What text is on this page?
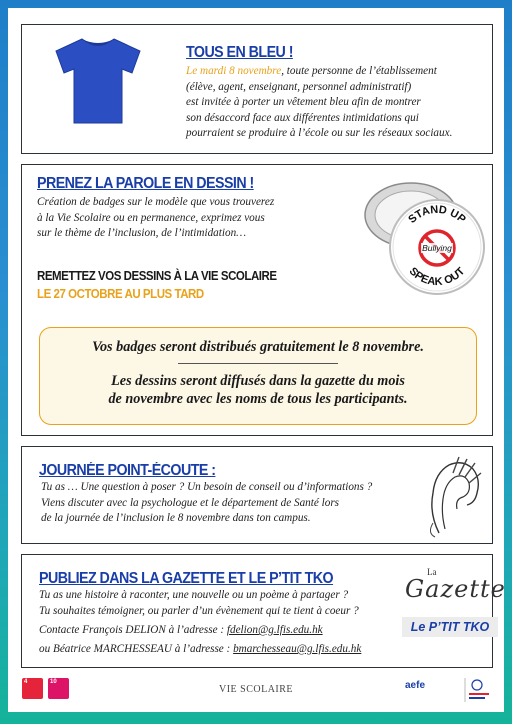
TOUS EN BLEU !
Le mardi 8 novembre, toute personne de l’établissement
(élève, agent, enseignant, personnel administratif)
est invitée à porter un vêtement bleu afin de montrer
son désaccord face aux différentes intimidations qui
pourraient se produire à l’école ou sur les réseaux sociaux.
PRENEZ LA PAROLE EN DESSIN !
Création de badges sur le modèle que vous trouverez
à la Vie Scolaire ou en permanence, exprimez vous
sur le thème de l’inclusion, de l’intimidation…
REMETTEZ VOS DESSINS À LA VIE SCOLAIRE
LE 27 OCTOBRE AU PLUS TARD
STAND UP
SPEAK OUT
Bullying

Vos badges seront distribués gratuitement le 8 novembre.

Les dessins seront diffusés dans la gazette du mois

de novembre avec les noms de tous les participants.

JOURNÉE POINT-ÉCOUTE :
Tu as … Une question à poser ? Un besoin de conseil ou d’informations ?
Viens discuter avec la psychologue et le département de Santé lors
de la journée de l’inclusion le 8 novembre dans ton campus.
PUBLIEZ DANS LA GAZETTE ET LE P’TIT TKO
Tu as une histoire à raconter, une nouvelle ou un poème à partager ?
Tu souhaites témoigner, ou parler d’un évènement qui te tient à coeur ?
Contacte François DELION à l’adresse : fdelion@g.lfis.edu.hk
ou Béatrice MARCHESSEAU à l’adresse : bmarchesseau@g.lfis.edu.hk
La
Gazette
Le P’TIT TKO
4	10
VIE SCOLAIRE	aefe
